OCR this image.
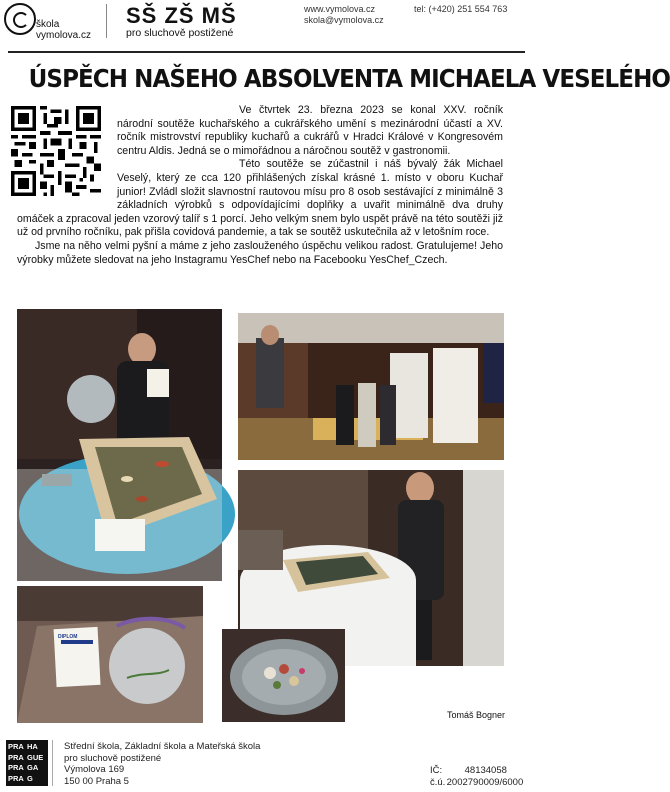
škola
vymolova.cz
SŠ ZŠ MŠ
pro sluchově postižené
www.vymolova.cz
skola@vymolova.cz
tel: (+420) 251 554 763
ÚSPĚCH NAŠEHO ABSOLVENTA MICHAELA VESELÉHO

Ve čtvrtek 23. března 2023 se konal XXV. ročník národní soutěže kuchařského a cukrářského umění s mezinárodní účastí a XV. ročník mistrovství republiky kuchařů a cukrářů v Hradci Králové v Kongresovém centru Aldis. Jedná se o mimořádnou a náročnou soutěž v gastronomii.

Této soutěže se zúčastnil i náš bývalý žák Michael Veselý, který ze cca 120 přihlášených získal krásné 1. místo v oboru Kuchař junior! Zvládl složit slavnostní rautovou mísu pro 8 osob sestávající z minimálně 3 základních výrobků s odpovídajícími doplňky a uvařit minimálně dva druhy omáček a zpracoval jeden vzorový talíř s 1 porcí. Jeho velkým snem bylo uspět právě na této soutěži již už od prvního ročníku, pak přišla covidová pandemie, a tak se soutěž uskutečnila až v letošním roce.

Jsme na něho velmi pyšní a máme z jeho zaslouženého úspěchu velikou radost. Gratulujeme! Jeho výrobky můžete sledovat na jeho Instagramu YesChef nebo na Facebooku YesChef_Czech.

DIPLOM
Tomáš Bogner
PRA HA
PRA GUE
PRA GA
PRA G
Střední škola, Základní škola a Mateřská škola
pro sluchově postižené
Výmolova 169
150 00 Praha 5
IČ: 48134058
č.ú. 2002790009/6000
